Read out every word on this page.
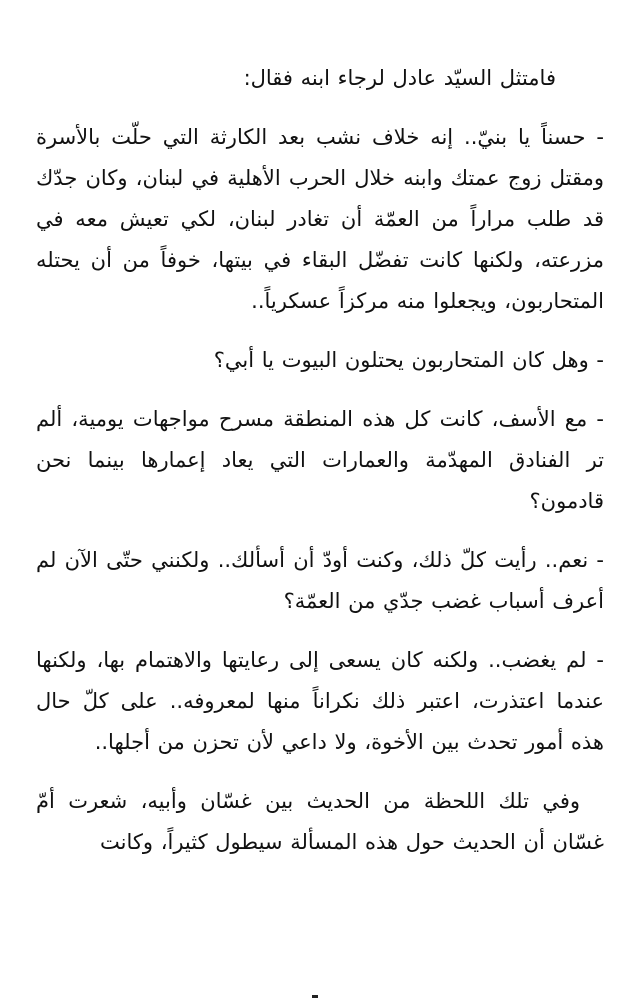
فامتثل السيّد عادل لرجاء ابنه فقال:

- حسناً يا بنيّ.. إنه خلاف نشب بعد الكارثة التي حلّت بالأسرة ومقتل زوج عمتك وابنه خلال الحرب الأهلية في لبنان، وكان جدّك قد طلب مراراً من العمّة أن تغادر لبنان، لكي تعيش معه في مزرعته، ولكنها كانت تفضّل البقاء في بيتها، خوفاً من أن يحتله المتحاربون، ويجعلوا منه مركزاً عسكرياً..

- وهل كان المتحاربون يحتلون البيوت يا أبي؟

- مع الأسف، كانت كل هذه المنطقة مسرح مواجهات يومية، ألم تر الفنادق المهدّمة والعمارات التي يعاد إعمارها بينما نحن قادمون؟

- نعم.. رأيت كلّ ذلك، وكنت أودّ أن أسألك.. ولكنني حتّى الآن لم أعرف أسباب غضب جدّي من العمّة؟

- لم يغضب.. ولكنه كان يسعى إلى رعايتها والاهتمام بها، ولكنها عندما اعتذرت، اعتبر ذلك نكراناً منها لمعروفه.. على كلّ حال هذه أمور تحدث بين الأخوة، ولا داعي لأن تحزن من أجلها..

وفي تلك اللحظة من الحديث بين غسّان وأبيه، شعرت أمّ غسّان أن الحديث حول هذه المسألة سيطول كثيراً، وكانت
